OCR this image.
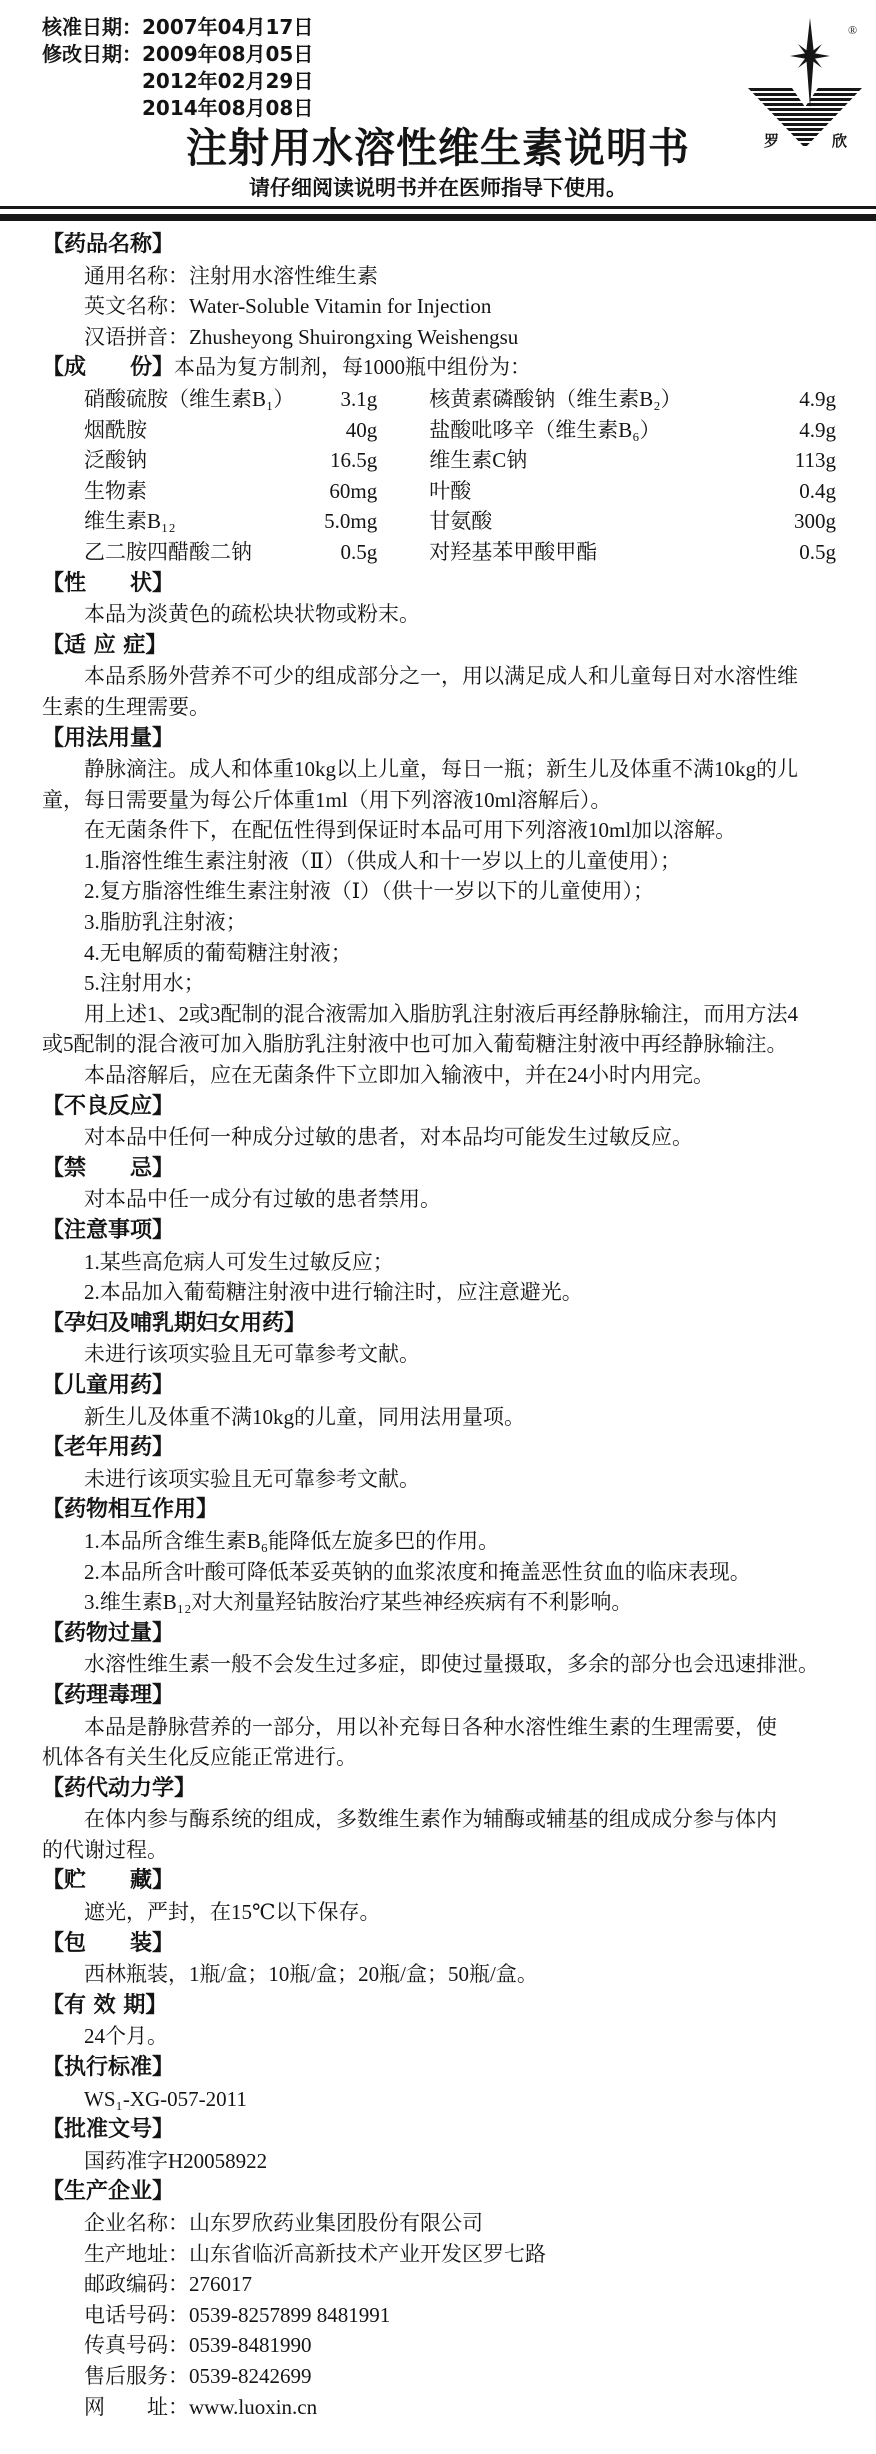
®
罗	欣
核准日期：2007年04月17日
修改日期：2009年08月05日
2012年02月29日
2014年08月08日
注射用水溶性维生素说明书
请仔细阅读说明书并在医师指导下使用。
【药品名称】
通用名称：注射用水溶性维生素
英文名称：Water-Soluble Vitamin for Injection
汉语拼音：Zhusheyong Shuirongxing Weishengsu
【成　　份】本品为复方制剂，每1000瓶中组份为：
硝酸硫胺（维生素B₁）	3.1g	核黄素磷酸钠（维生素B₂）	4.9g
烟酰胺	40g	盐酸吡哆辛（维生素B₆）	4.9g
泛酸钠	16.5g	维生素C钠	113g
生物素	60mg	叶酸	0.4g
维生素B₁₂	5.0mg	甘氨酸	300g
乙二胺四醋酸二钠	0.5g	对羟基苯甲酸甲酯	0.5g
【性　　状】
本品为淡黄色的疏松块状物或粉末。
【适 应 症】
本品系肠外营养不可少的组成部分之一，用以满足成人和儿童每日对水溶性维
生素的生理需要。
【用法用量】
静脉滴注。成人和体重10kg以上儿童，每日一瓶；新生儿及体重不满10kg的儿
童，每日需要量为每公斤体重1ml（用下列溶液10ml溶解后）。
在无菌条件下，在配伍性得到保证时本品可用下列溶液10ml加以溶解。
1.脂溶性维生素注射液（Ⅱ）（供成人和十一岁以上的儿童使用）；
2.复方脂溶性维生素注射液（Ⅰ）（供十一岁以下的儿童使用）；
3.脂肪乳注射液；
4.无电解质的葡萄糖注射液；
5.注射用水；
用上述1、2或3配制的混合液需加入脂肪乳注射液后再经静脉输注，而用方法4
或5配制的混合液可加入脂肪乳注射液中也可加入葡萄糖注射液中再经静脉输注。
本品溶解后，应在无菌条件下立即加入输液中，并在24小时内用完。
【不良反应】
对本品中任何一种成分过敏的患者，对本品均可能发生过敏反应。
【禁　　忌】
对本品中任一成分有过敏的患者禁用。
【注意事项】
1.某些高危病人可发生过敏反应；
2.本品加入葡萄糖注射液中进行输注时，应注意避光。
【孕妇及哺乳期妇女用药】
未进行该项实验且无可靠参考文献。
【儿童用药】
新生儿及体重不满10kg的儿童，同用法用量项。
【老年用药】
未进行该项实验且无可靠参考文献。
【药物相互作用】
1.本品所含维生素B₆能降低左旋多巴的作用。
2.本品所含叶酸可降低苯妥英钠的血浆浓度和掩盖恶性贫血的临床表现。
3.维生素B₁₂对大剂量羟钴胺治疗某些神经疾病有不利影响。
【药物过量】
水溶性维生素一般不会发生过多症，即使过量摄取，多余的部分也会迅速排泄。
【药理毒理】
本品是静脉营养的一部分，用以补充每日各种水溶性维生素的生理需要，使
机体各有关生化反应能正常进行。
【药代动力学】
在体内参与酶系统的组成，多数维生素作为辅酶或辅基的组成成分参与体内
的代谢过程。
【贮　　藏】
遮光，严封，在15℃以下保存。
【包　　装】
西林瓶装，1瓶/盒；10瓶/盒；20瓶/盒；50瓶/盒。
【有 效 期】
24个月。
【执行标准】
WS₁-XG-057-2011
【批准文号】
国药准字H20058922
【生产企业】
企业名称：山东罗欣药业集团股份有限公司
生产地址：山东省临沂高新技术产业开发区罗七路
邮政编码：276017
电话号码：0539-8257899 8481991
传真号码：0539-8481990
售后服务：0539-8242699
网　　址：www.luoxin.cn
